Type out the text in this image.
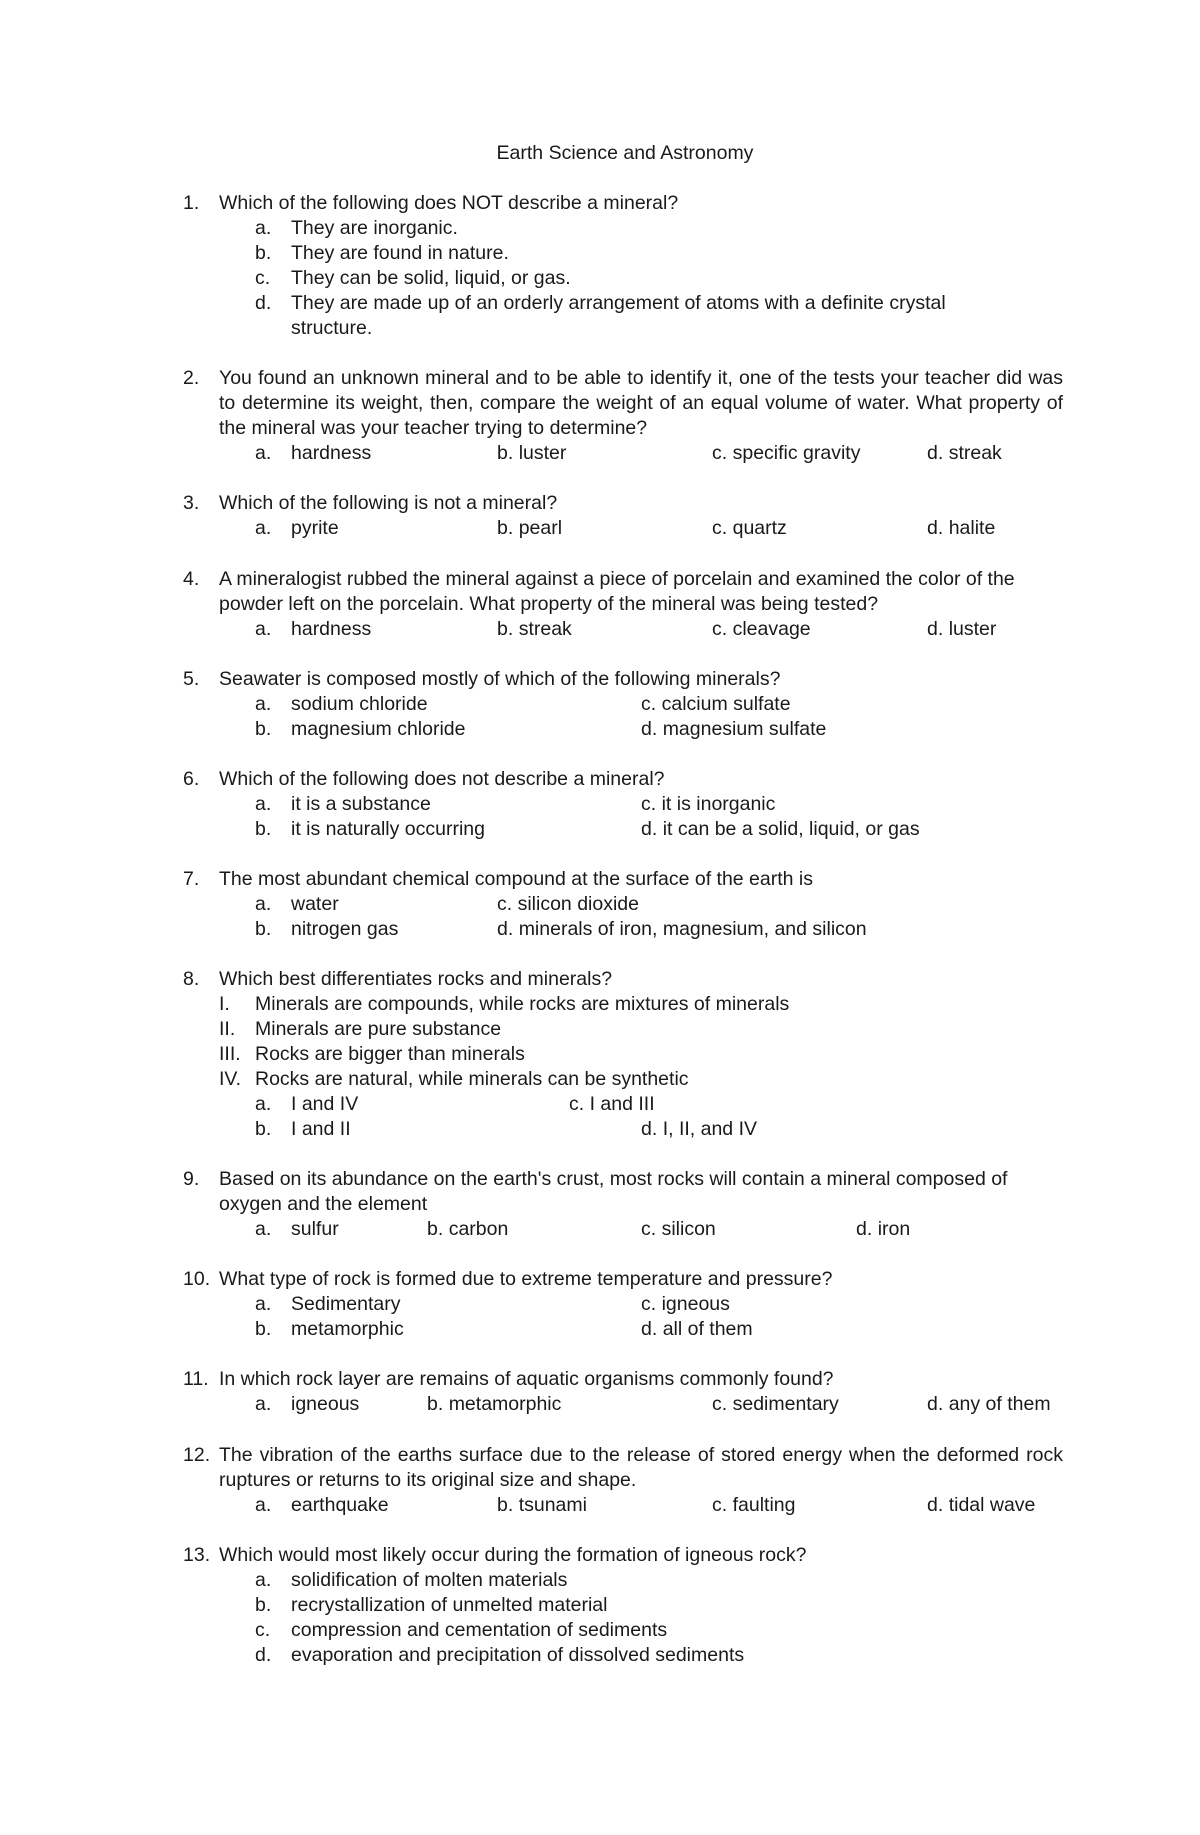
Earth Science and Astronomy
1. Which of the following does NOT describe a mineral?
a.	They are inorganic.
b.	They are found in nature.
c.	They can be solid, liquid, or gas.
d.	They are made up of an orderly arrangement of atoms with a definite crystal structure.
2. You found an unknown mineral and to be able to identify it, one of the tests your teacher did was to determine its weight, then, compare the weight of an equal volume of water. What property of the mineral was your teacher trying to determine?
a. hardness	b. luster	c. specific gravity	d. streak
3. Which of the following is not a mineral?
a. pyrite	b. pearl	c. quartz	d. halite
4. A mineralogist rubbed the mineral against a piece of porcelain and examined the color of the powder left on the porcelain. What property of the mineral was being tested?
a. hardness	b. streak	c. cleavage	d. luster
5. Seawater is composed mostly of which of the following minerals?
a. sodium chloride	c. calcium sulfate
b. magnesium chloride	d. magnesium sulfate
6. Which of the following does not describe a mineral?
a. it is a substance	c. it is inorganic
b. it is naturally occurring	d. it can be a solid, liquid, or gas
7. The most abundant chemical compound at the surface of the earth is
a. water	c. silicon dioxide
b. nitrogen gas	d. minerals of iron, magnesium, and silicon
8. Which best differentiates rocks and minerals?
I. Minerals are compounds, while rocks are mixtures of minerals
II. Minerals are pure substance
III. Rocks are bigger than minerals
IV. Rocks are natural, while minerals can be synthetic
a. I and IV	c. I and III
b. I and II	d. I, II, and IV
9. Based on its abundance on the earth's crust, most rocks will contain a mineral composed of oxygen and the element
a. sulfur	b. carbon	c. silicon	d. iron
10. What type of rock is formed due to extreme temperature and pressure?
a. Sedimentary	c. igneous
b. metamorphic	d. all of them
11. In which rock layer are remains of aquatic organisms commonly found?
a. igneous	b. metamorphic	c. sedimentary	d. any of them
12. The vibration of the earths surface due to the release of stored energy when the deformed rock ruptures or returns to its original size and shape.
a. earthquake	b. tsunami	c. faulting	d. tidal wave
13. Which would most likely occur during the formation of igneous rock?
a.	solidification of molten materials
b.	recrystallization of unmelted material
c.	compression and cementation of sediments
d.	evaporation and precipitation of dissolved sediments
